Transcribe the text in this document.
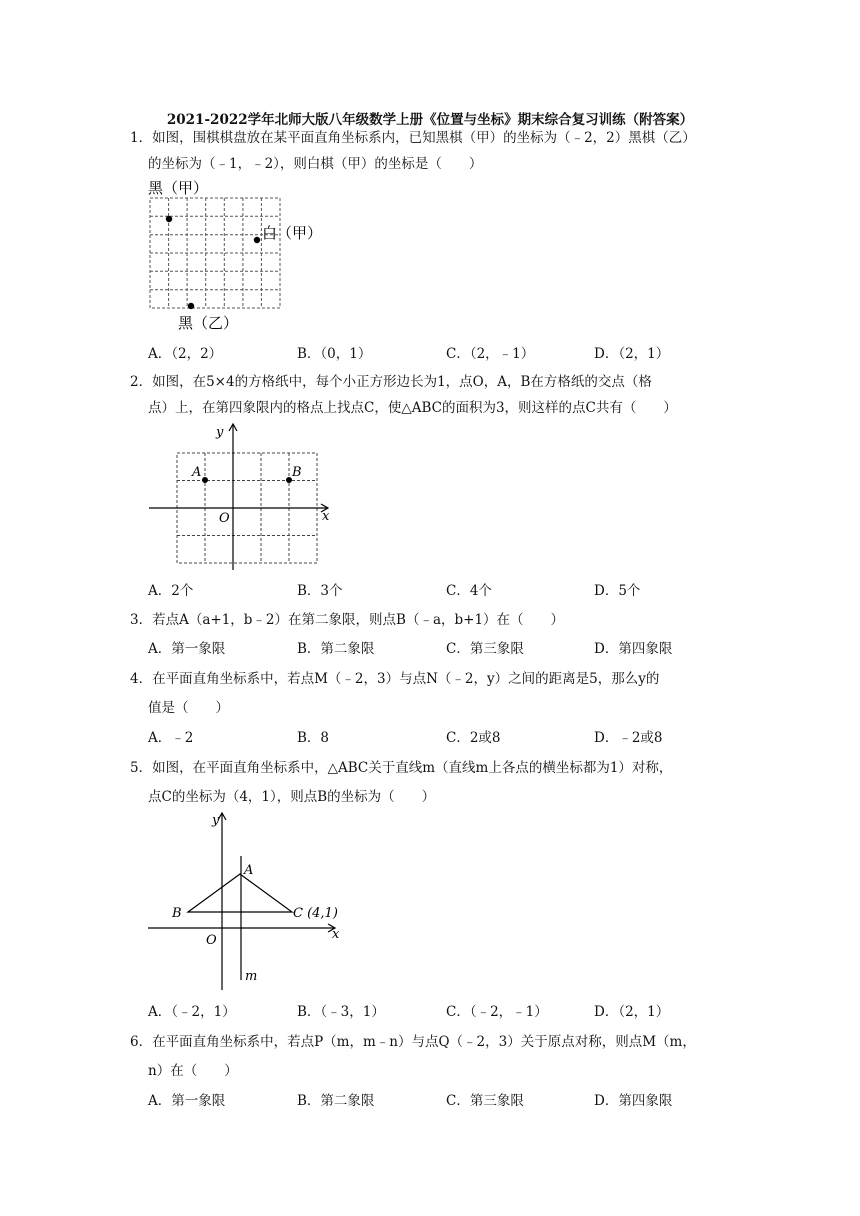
2021-2022学年北师大版八年级数学上册《位置与坐标》期末综合复习训练（附答案）
1．如图，围棋棋盘放在某平面直角坐标系内，已知黑棋（甲）的坐标为（﹣2，2）黑棋（乙）
的坐标为（﹣1，﹣2），则白棋（甲）的坐标是（　　）
黑（甲）
白（甲）
黑（乙）
A．（2，2）	B．（0，1）	C．（2，﹣1）	D．（2，1）
2．如图，在5×4的方格纸中，每个小正方形边长为1，点O，A，B在方格纸的交点（格
点）上，在第四象限内的格点上找点C，使△ABC的面积为3，则这样的点C共有（　　）
y
x
O
A	B
A．2个	B．3个	C．4个	D．5个
3．若点A（a+1，b﹣2）在第二象限，则点B（﹣a，b+1）在（　　）
A．第一象限	B．第二象限	C．第三象限	D．第四象限
4．在平面直角坐标系中，若点M（﹣2，3）与点N（﹣2，y）之间的距离是5，那么y的
值是（　　）
A．﹣2	B．8	C．2或8	D．﹣2或8
5．如图，在平面直角坐标系中，△ABC关于直线m（直线m上各点的横坐标都为1）对称，
点C的坐标为（4，1），则点B的坐标为（　　）
y
x
O
A
B	C (4,1)
m
A．（﹣2，1）	B．（﹣3，1）	C．（﹣2，﹣1）	D．（2，1）
6．在平面直角坐标系中，若点P（m，m﹣n）与点Q（﹣2，3）关于原点对称，则点M（m，
n）在（　　）
A．第一象限	B．第二象限	C．第三象限	D．第四象限
